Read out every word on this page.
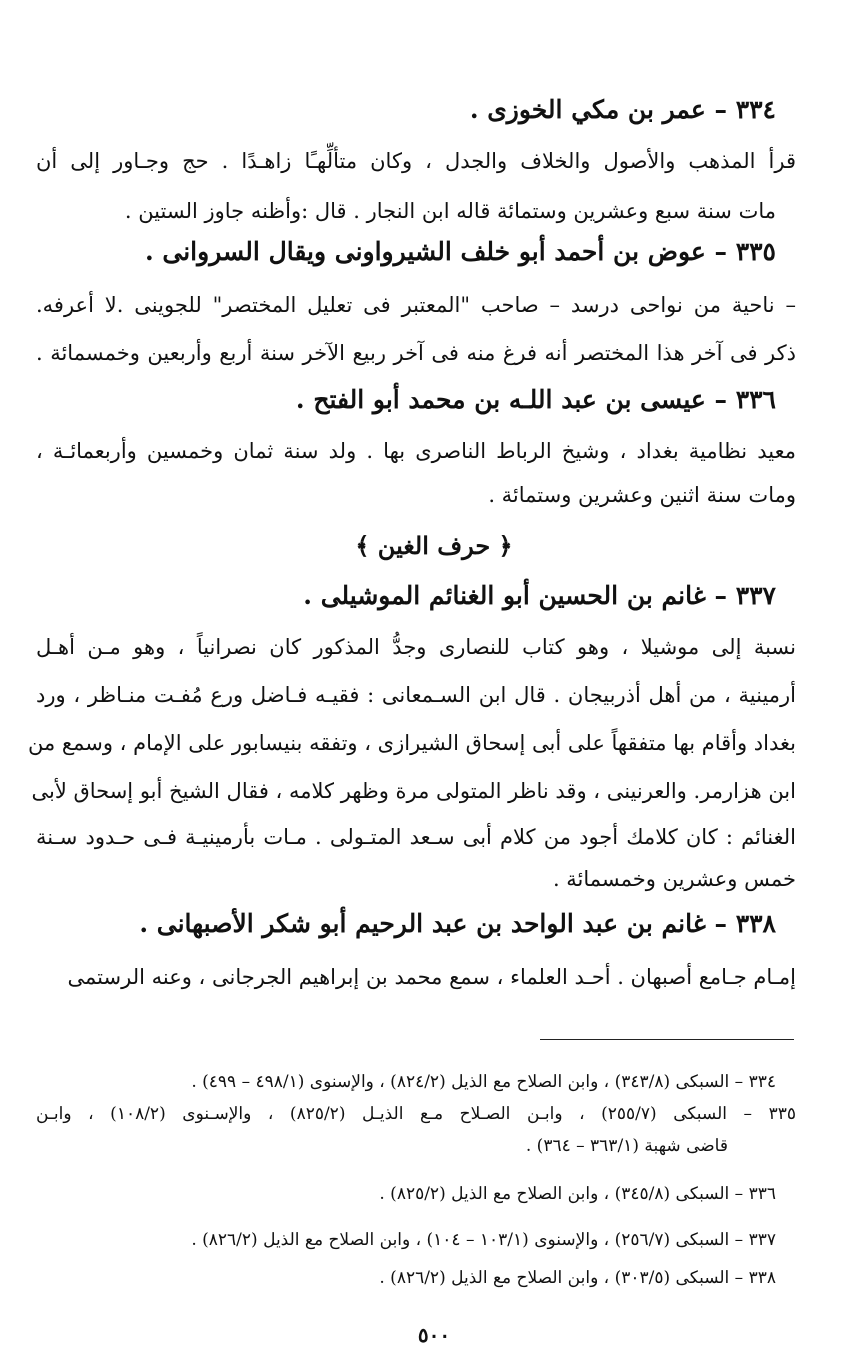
٣٣٤ – عمر بن مكي الخوزى .
قرأ المذهب والأصول والخلاف والجدل ، وكان متألِّهـًا زاهـدًا . حج وجـاور إلى أن
مات سنة سبع وعشرين وستمائة قاله ابن النجار . قال :وأظنه جاوز الستين .
٣٣٥ – عوض بن أحمد أبو خلف الشيرواونى ويقال السروانى .
– ناحية من نواحى درسد – صاحب "المعتبر فى تعليل المختصر" للجوينى .لا أعرفه.
ذكر فى آخر هذا المختصر أنه فرغ منه فى آخر ربيع الآخر سنة أربع وأربعين وخمسمائة .
٣٣٦ – عيسى بن عبد اللـه بن محمد أبو الفتح .
معيد نظامية بغداد ، وشيخ الرباط الناصرى بها . ولد سنة ثمان وخمسين وأربعمائـة ،
ومات سنة اثنين وعشرين وستمائة .
﴿ حرف الغين ﴾
٣٣٧ – غانم بن الحسين أبو الغنائم الموشيلى .
نسبة إلى موشيلا ، وهو كتاب للنصارى وجدُّ المذكور كان نصرانياً ، وهو مـن أهـل
أرمينية ، من أهل أذربيجان . قال ابن السـمعانى : فقيـه فـاضل ورع مُفـت منـاظر ، ورد
بغداد وأقام بها متفقهاً على أبى إسحاق الشيرازى ، وتفقه بنيسابور على الإمام ، وسمع من
ابن هزارمر. والعرنينى ، وقد ناظر المتولى مرة وظهر كلامه ، فقال الشيخ أبو إسحاق لأبى
الغنائم : كان كلامك أجود من كلام أبى سـعد المتـولى . مـات بأرمينيـة فـى حـدود سـنة
خمس وعشرين وخمسمائة .
٣٣٨ – غانم بن عبد الواحد بن عبد الرحيم أبو شكر الأصبهانى .
إمـام جـامع أصبهان . أحـد العلماء ، سمع محمد بن إبراهيم الجرجانى ، وعنه الرستمى
٣٣٤ – السبكى (٣٤٣/٨) ، وابن الصلاح مع الذيل (٨٢٤/٢) ، والإسنوى (٤٩٨/١ – ٤٩٩) .
٣٣٥ – السبكى (٢٥٥/٧) ، وابـن الصـلاح مـع الذيـل (٨٢٥/٢) ، والإسـنوى (١٠٨/٢) ، وابـن
قاضى شهبة (٣٦٣/١ – ٣٦٤) .
٣٣٦ – السبكى (٣٤٥/٨) ، وابن الصلاح مع الذيل (٨٢٥/٢) .
٣٣٧ – السبكى (٢٥٦/٧) ، والإسنوى (١٠٣/١ – ١٠٤) ، وابن الصلاح مع الذيل (٨٢٦/٢) .
٣٣٨ – السبكى (٣٠٣/٥) ، وابن الصلاح مع الذيل (٨٢٦/٢) .
٥٠٠
